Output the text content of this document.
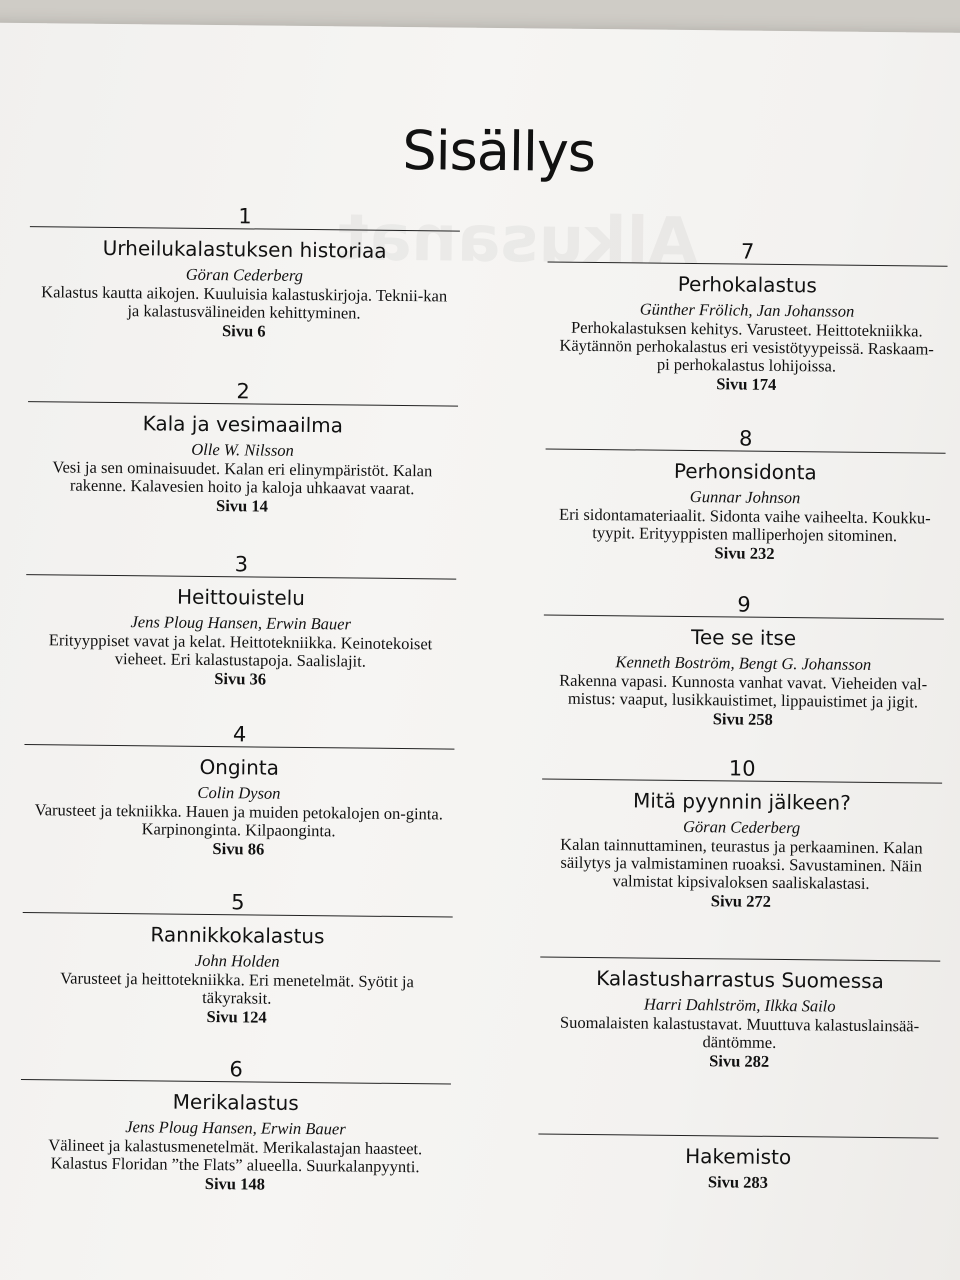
Alkusanat
Sisällys
1
Urheilukalastuksen historiaa
Göran Cederberg
Kalastus kautta aikojen. Kuuluisia kalastuskirjoja. Teknii-kan ja kalastusvälineiden kehittyminen.
Sivu 6
2
Kala ja vesimaailma
Olle W. Nilsson
Vesi ja sen ominaisuudet. Kalan eri elinympäristöt. Kalan rakenne. Kalavesien hoito ja kaloja uhkaavat vaarat.
Sivu 14
3
Heittouistelu
Jens Ploug Hansen, Erwin Bauer
Erityyppiset vavat ja kelat. Heittotekniikka. Keinotekoiset vieheet. Eri kalastustapoja. Saalislajit.
Sivu 36
4
Onginta
Colin Dyson
Varusteet ja tekniikka. Hauen ja muiden petokalojen on-ginta. Karpinonginta. Kilpaonginta.
Sivu 86
5
Rannikkokalastus
John Holden
Varusteet ja heittotekniikka. Eri menetelmät. Syötit ja täkyraksit.
Sivu 124
6
Merikalastus
Jens Ploug Hansen, Erwin Bauer
Välineet ja kalastusmenetelmät. Merikalastajan haasteet. Kalastus Floridan ”the Flats” alueella. Suurkalanpyynti.
Sivu 148
7
Perhokalastus
Günther Frölich, Jan Johansson
Perhokalastuksen kehitys. Varusteet. Heittotekniikka. Käytännön perhokalastus eri vesistötyypeissä. Raskaam-pi perhokalastus lohijoissa.
Sivu 174
8
Perhonsidonta
Gunnar Johnson
Eri sidontamateriaalit. Sidonta vaihe vaiheelta. Koukku-tyypit. Erityyppisten malliperhojen sitominen.
Sivu 232
9
Tee se itse
Kenneth Boström, Bengt G. Johansson
Rakenna vapasi. Kunnosta vanhat vavat. Vieheiden val-mistus: vaaput, lusikkauistimet, lippauistimet ja jigit.
Sivu 258
10
Mitä pyynnin jälkeen?
Göran Cederberg
Kalan tainnuttaminen, teurastus ja perkaaminen. Kalan säilytys ja valmistaminen ruoaksi. Savustaminen. Näin valmistat kipsivaloksen saaliskalastasi.
Sivu 272
Kalastusharrastus Suomessa
Harri Dahlström, Ilkka Sailo
Suomalaisten kalastustavat. Muuttuva kalastuslainsää-däntömme.
Sivu 282
Hakemisto
Sivu 283
